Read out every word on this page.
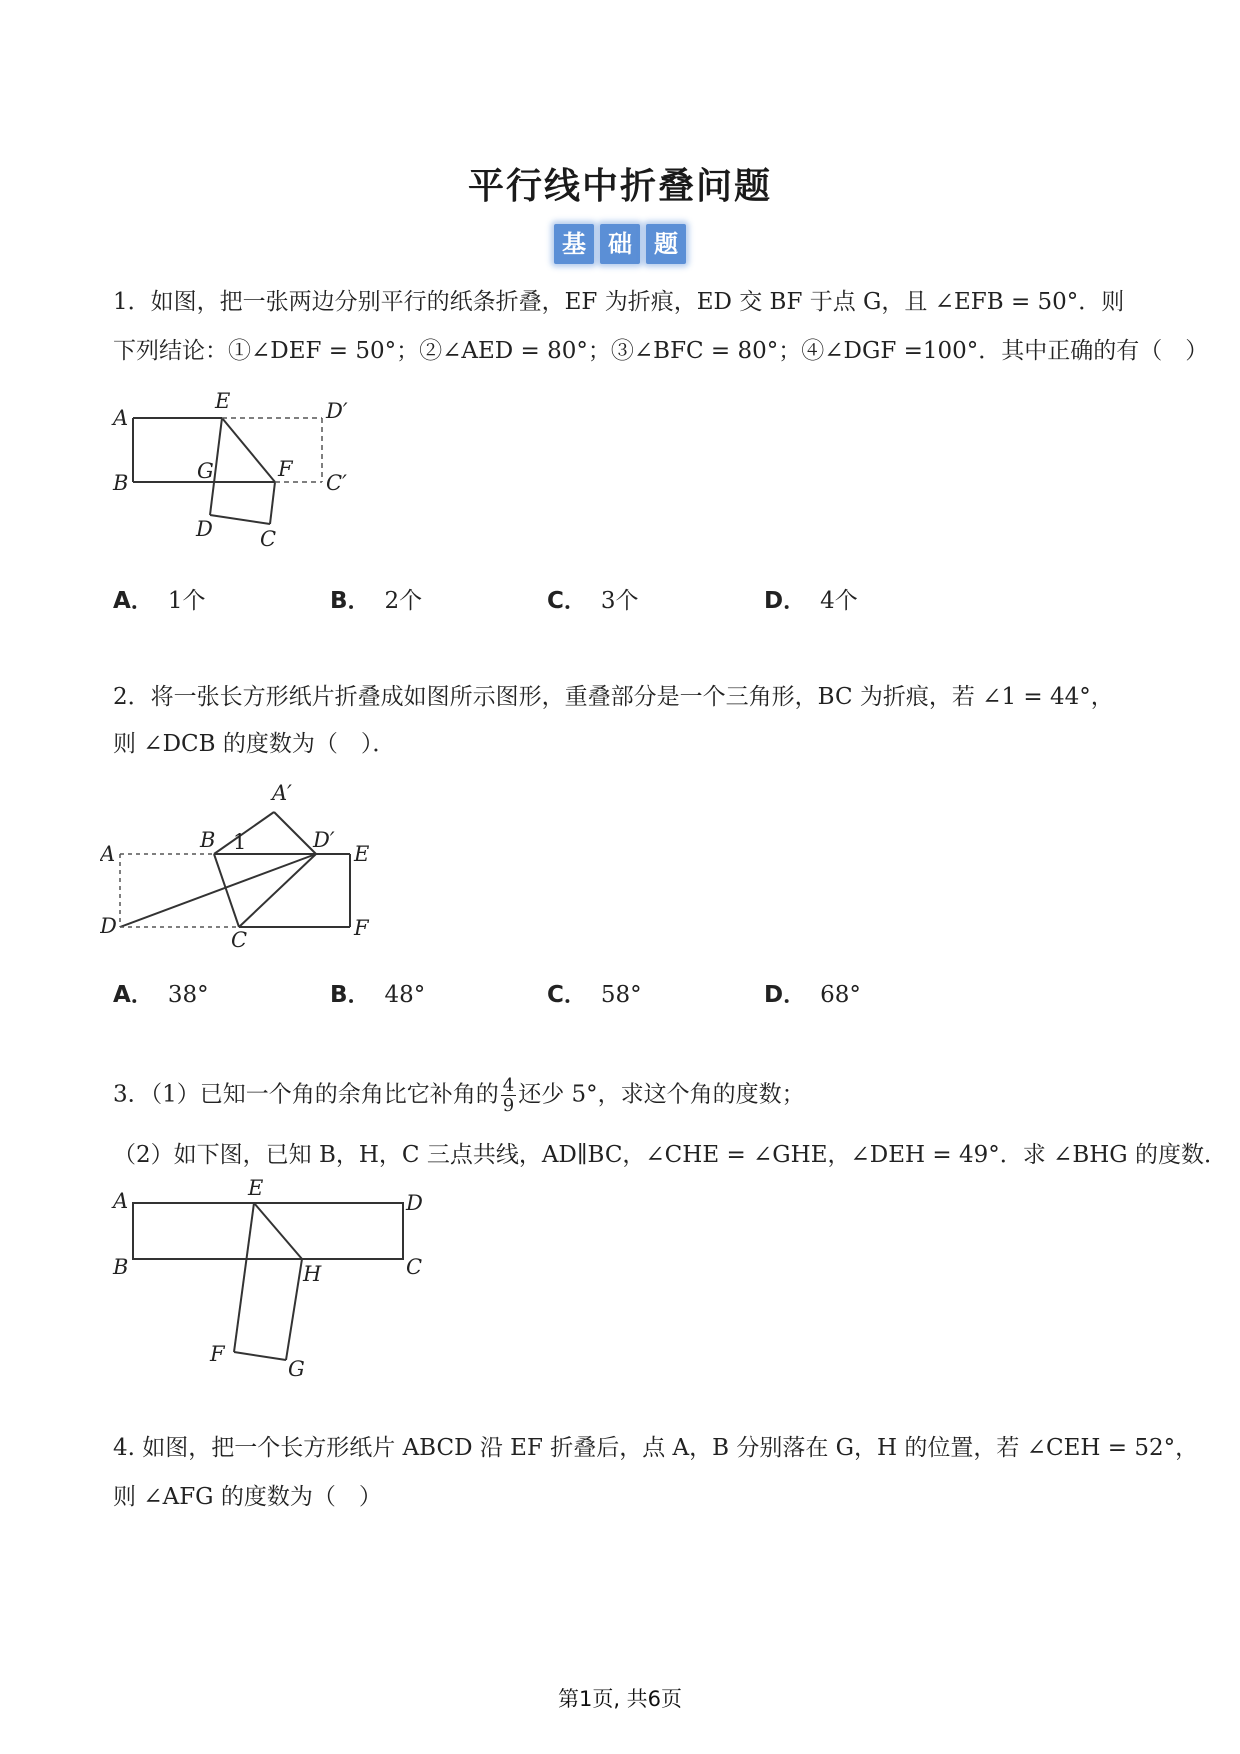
平行线中折叠问题
基 础 题
1．如图，把一张两边分别平行的纸条折叠，EF 为折痕，ED 交 BF 于点 G，且 ∠EFB = 50°．则
下列结论：①∠DEF = 50°；②∠AED = 80°；③∠BFC = 80°；④∠DGF =100°．其中正确的有（　）
A
E	D′
B	G	F
C′
D C
A． 1个	B． 2个	C． 3个	D． 4个
2．将一张长方形纸片折叠成如图所示图形，重叠部分是一个三角形，BC 为折痕，若 ∠1 = 44°，
则 ∠DCB 的度数为（　）．
A′
A
B 1	D′
E
D
C	F
A． 38°	B． 48°	C． 58°	D． 68°
3．（1）已知一个角的余角比它补角的 $\frac{4}{9}$ 还少 5°，求这个角的度数；
（2）如下图，已知 B，H，C 三点共线，AD∥BC，∠CHE = ∠GHE，∠DEH = 49°．求 ∠BHG 的度数．
A
E
D
B	H	C
F
G
4. 如图，把一个长方形纸片 ABCD 沿 EF 折叠后，点 A，B 分别落在 G，H 的位置，若 ∠CEH = 52°，
则 ∠AFG 的度数为（　）
第1页, 共6页
